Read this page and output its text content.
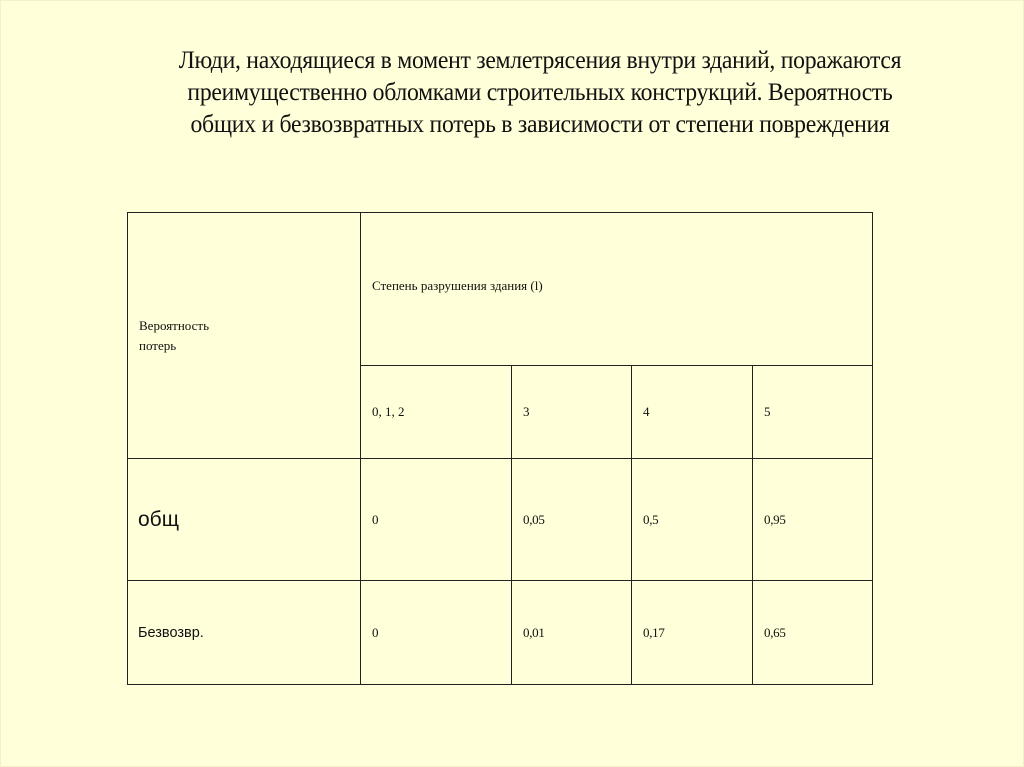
Люди, находящиеся в момент землетрясения внутри зданий, поражаются
преимущественно обломками строительных конструкций. Вероятность
общих и безвозвратных потерь в зависимости от степени повреждения
Вероятность
потерь	Степень разрушения здания (l)			
	0, 1, 2	3	4	5
общ	0	0,05	0,5	0,95
Безвозвр.	0	0,01	0,17	0,65
